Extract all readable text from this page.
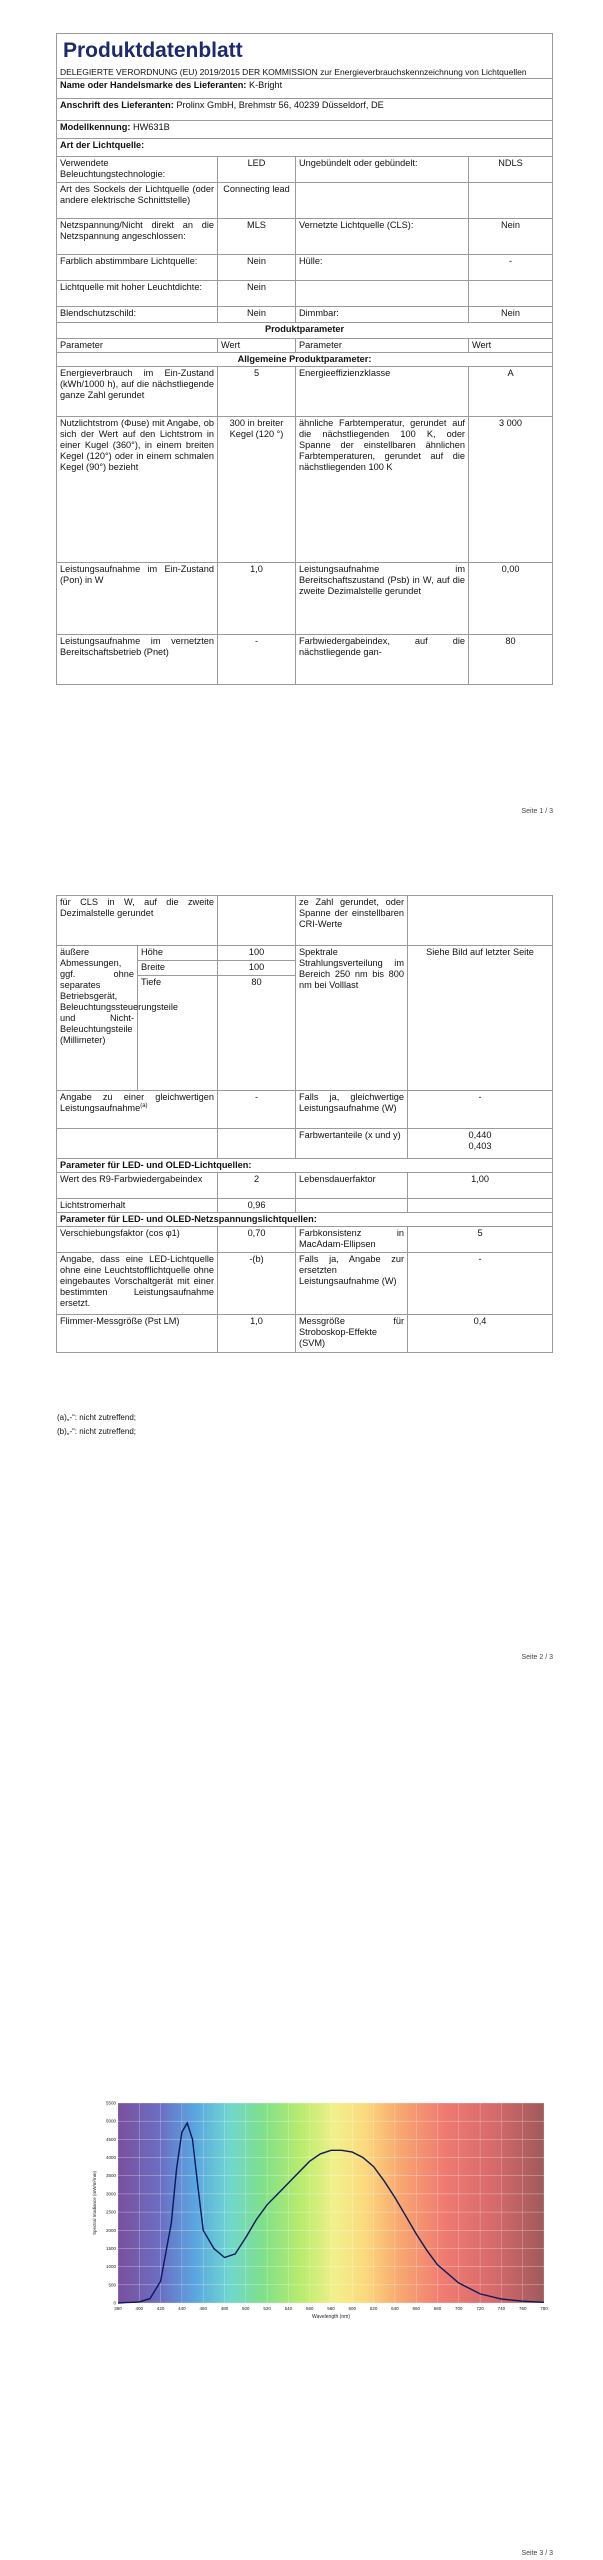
Produktdatenblatt
DELEGIERTE VERORDNUNG (EU) 2019/2015 DER KOMMISSION zur Energieverbrauchskennzeichnung von Lichtquellen			

Name oder Handelsmarke des Lieferanten: K-Bright			
Anschrift des Lieferanten: Prolinx GmbH, Brehmstr 56, 40239 Düsseldorf, DE			
Modellkennung: HW631B			
Art der Lichtquelle:			
Verwendete Beleuchtungstechnologie:	LED	Ungebündelt oder gebündelt:	NDLS
Art des Sockels der Lichtquelle (oder andere elektrische Schnittstelle)	Connecting lead		
Netzspannung/Nicht direkt an die Netzspannung angeschlossen:	MLS	Vernetzte Lichtquelle (CLS):	Nein
Farblich abstimmbare Lichtquelle:	Nein	Hülle:	-
Lichtquelle mit hoher Leuchtdichte:	Nein		
Blendschutzschild:	Nein	Dimmbar:	Nein
Produktparameter			
Parameter	Wert	Parameter	Wert
Allgemeine Produktparameter:			
Energieverbrauch im Ein-Zustand (kWh/1000 h), auf die nächstliegende ganze Zahl gerundet	5	Energieeffizienzklasse	A
Nutzlichtstrom (Φuse) mit Angabe, ob sich der Wert auf den Lichtstrom in einer Kugel (360°), in einem breiten Kegel (120°) oder in einem schmalen Kegel (90°) bezieht	300 in breiter Kegel (120 °)	ähnliche Farbtemperatur, gerundet auf die nächstliegenden 100 K, oder Spanne der einstellbaren ähnlichen Farbtemperaturen, gerundet auf die nächstliegenden 100 K	3 000
Leistungsaufnahme im Ein-Zustand (Pon) in W	1,0	Leistungsaufnahme im Bereitschaftszustand (Psb) in W, auf die zweite Dezimalstelle gerundet	0,00
Leistungsaufnahme im vernetzten Bereitschaftsbetrieb (Pnet)	-	Farbwiedergabeindex, auf die nächstliegende gan-	80
Seite 1 / 3
für CLS in W, auf die zweite Dezimalstelle gerundet			ze Zahl gerundet, oder Spanne der einstellbaren CRI-Werte	
äußere Abmessungen, ggf. ohne separates Betriebsgerät, Beleuchtungssteuerungsteile und Nicht-Beleuchtungsteile (Millimeter)	Höhe	100	Spektrale Strahlungsverteilung im Bereich 250 nm bis 800 nm bei Volllast	Siehe Bild auf letzter Seite
	Breite	100		
	Tiefe	80		
Angabe zu einer gleichwertigen Leistungsaufnahme$^{(a)}$		-	Falls ja, gleichwertige Leistungsaufnahme (W)	-
			Farbwertanteile (x und y)	0,440
0,403

Parameter für LED- und OLED-Lichtquellen:				
Wert des R9-Farbwiedergabeindex		2	Lebensdauerfaktor	1,00
Lichtstromerhalt		0,96		
Parameter für LED- und OLED-Netzspannungslichtquellen:				
Verschiebungsfaktor (cos φ1)		0,70	Farbkonsistenz in MacAdam-Ellipsen	5
Angabe, dass eine LED-Lichtquelle ohne eine Leuchtstofflichtquelle ohne eingebautes Vorschaltgerät mit einer bestimmten Leistungsaufnahme ersetzt.		-(b)	Falls ja, Angabe zur ersetzten Leistungsaufnahme (W)	-
Flimmer-Messgröße (Pst LM)		1,0	Messgröße für Stroboskop-Effekte (SVM)	0,4
(a)„-“: nicht zutreffend;
(b)„-“: nicht zutreffend;
Seite 2 / 3
Seite 3 / 3
0
500
1000
1500
2000
2500
3000
3500
4000
4500
5000
5500
380	400	420	440	460	480	500	520	540	560	580	600	620	640	660	680	700	720	740	760	780
Spectral Irradiance (mW/m²/nm)
Wavelength (nm)
